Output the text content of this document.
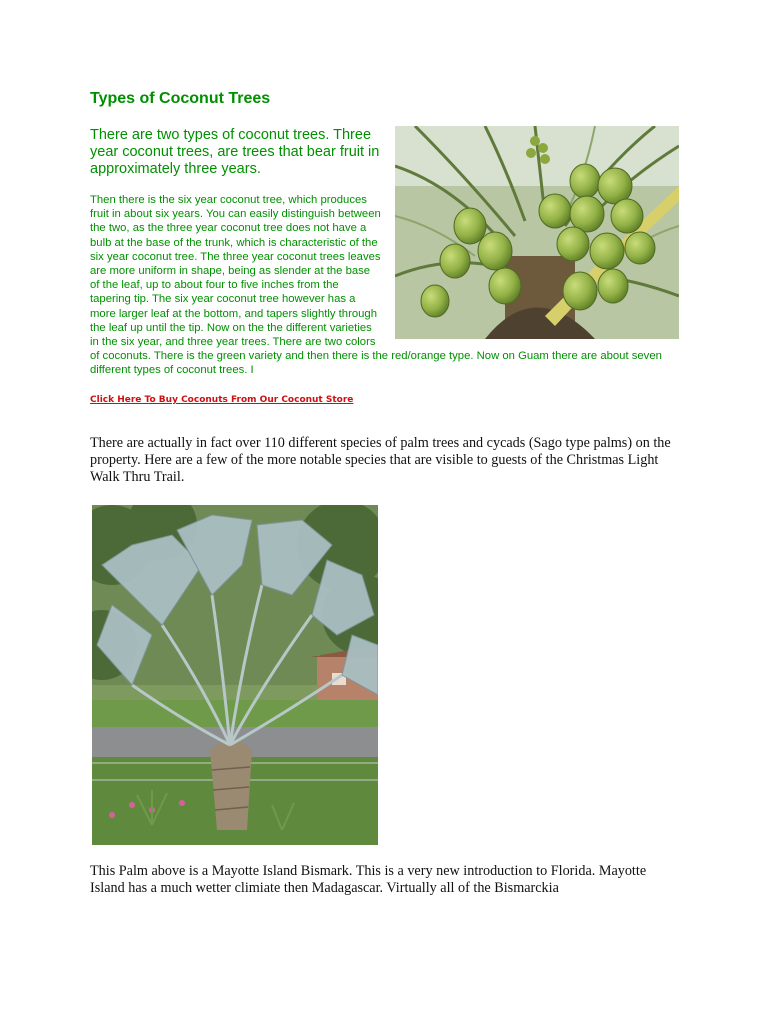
Types of Coconut Trees

There are two types of coconut trees. Three year coconut trees, are trees that bear fruit in approximately three years.

Then there is the six year coconut tree, which produces fruit in about six years. You can easily distinguish between the two, as the three year coconut tree does not have a bulb at the base of the trunk, which is characteristic of the six year coconut tree. The three year coconut trees leaves are more uniform in shape, being as slender at the base of the leaf, up to about four to five inches from the tapering tip. The six year coconut tree however has a more larger leaf at the bottom, and tapers slightly through the leaf up until the tip. Now on the the different varieties in the six year, and three year trees. There are two colors of coconuts. There is the green variety and then there is the red/orange type. Now on Guam there are about seven different types of coconut trees. I
Click Here To Buy Coconuts From Our Coconut Store

There are actually in fact over 110 different species of palm trees and cycads (Sago type palms) on the property. Here are a few of the more notable species that are visible to guests of the Christmas Light Walk Thru Trail.

This Palm above is a Mayotte Island Bismark. This is a very new introduction to Florida. Mayotte Island has a much wetter climiate then Madagascar. Virtually all of the Bismarckia
